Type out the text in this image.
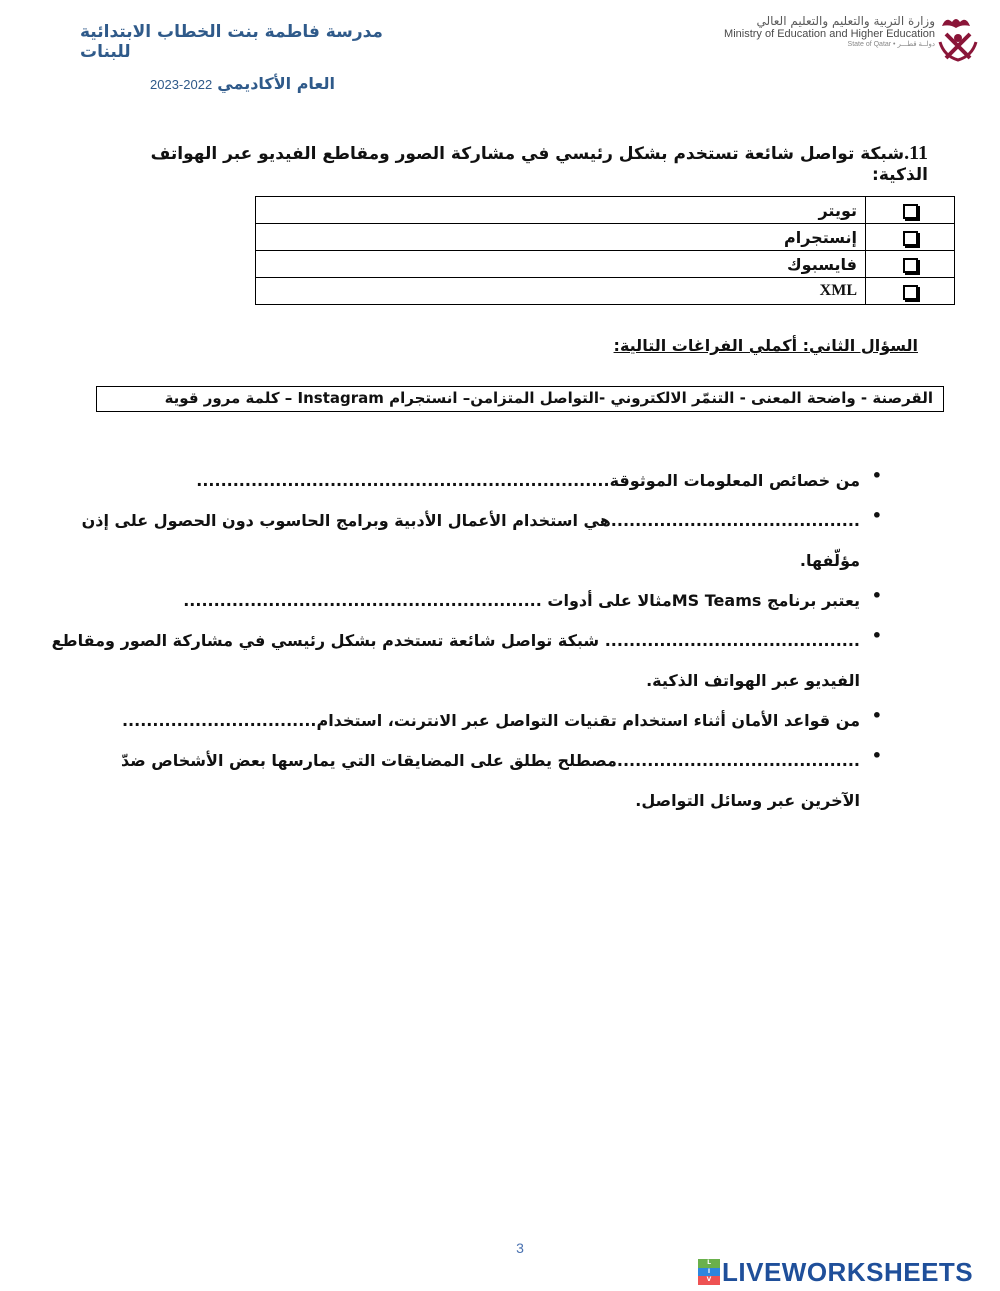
مدرسة فاطمة بنت الخطاب الابتدائية للبنات
العام الأكاديمي 2022-2023
وزارة التربية والتعليم والتعليم العالي
Ministry of Education and Higher Education
State of Qatar • دولــة قطـــر
11.شبكة تواصل شائعة تستخدم بشكل رئيسي في مشاركة الصور ومقاطع الفيديو عبر الهواتف الذكية:
تويتر	
إنستجرام	
فايسبوك	
XML	
السؤال الثاني: أكملي الفراغات التالية:
القرصنة - واضحة المعنى - التنمّر الالكتروني -التواصل المتزامن– انستجرام Instagram – كلمة مرور قوية
•
من خصائص المعلومات الموثوقة....................................................................
•
.........................................هي استخدام الأعمال الأدبية وبرامج الحاسوب دون الحصول على إذن
مؤلّفها.
•
يعتبر برنامج MS Teamsمثالا على أدوات ...........................................................
•
.......................................... شبكة تواصل شائعة تستخدم بشكل رئيسي في مشاركة الصور ومقاطع
الفيديو عبر الهواتف الذكية.
•
من قواعد الأمان أثناء استخدام تقنيات التواصل عبر الانترنت، استخدام................................
•
........................................مصطلح يطلق على المضايقات التي يمارسها بعض الأشخاص ضدّ
الآخرين عبر وسائل التواصل.
3
L
I
V LIVEWORKSHEETS
